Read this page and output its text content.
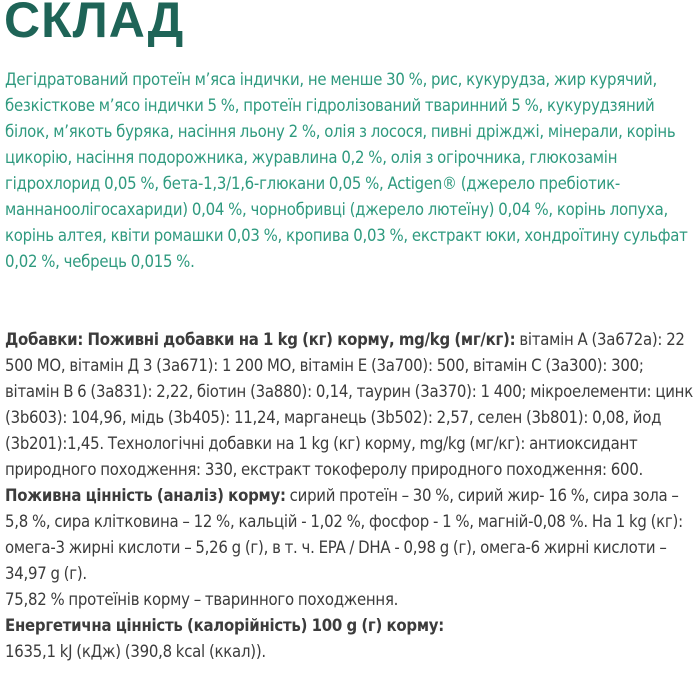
СКЛАД

Дегідратований протеїн м’яса індички, не менше 30 %, рис, кукурудза, жир курячий, безкісткове м’ясо індички 5 %, протеїн гідролізований тваринний 5 %, кукурудзяний білок, м’якоть буряка, насіння льону 2 %, олія з лосося, пивні дріжджі, мінерали, корінь цикорію, насіння подорожника, журавлина 0,2 %, олія з огірочника, глюкозамін гідрохлорид 0,05 %, бета-1,3/1,6-глюкани 0,05 %, Actigen® (джерело пребіотик- маннаноолігосахариди) 0,04 %, чорнобривці (джерело лютеїну) 0,04 %, корінь лопуха, корінь алтея, квіти ромашки 0,03 %, кропива 0,03 %, екстракт юки, хондроїтину сульфат 0,02 %, чебрець 0,015 %.

Добавки: Поживні добавки на 1 kg (кг) корму, mg/kg (мг/кг): вітамін А (3а672а): 22 500 МО, вітамін Д 3 (3а671): 1 200 МО, вітамін Е (3а700): 500, вітамін С (3а300): 300; вітамін В 6 (3а831): 2,22, біотин (3а880): 0,14, таурин (3а370): 1 400; мікроелементи: цинк (3b603): 104,96, мідь (3b405): 11,24, марганець (3b502): 2,57, селен (3b801): 0,08, йод (3b201):1,45. Технологічні добавки на 1 kg (кг) корму, mg/kg (мг/кг): антиоксидант природного походження: 330, екстракт токоферолу природного походження: 600.

Поживна цінність (аналіз) корму: сирий протеїн – 30 %, сирий жир- 16 %, сира зола – 5,8 %, сира клітковина – 12 %, кальцій - 1,02 %, фосфор - 1 %, магній-0,08 %. На 1 kg (кг): омега-3 жирні кислоти – 5,26 g (г), в т. ч. EPA / DHA - 0,98 g (г), омега-6 жирні кислоти – 34,97 g (г).

75,82 % протеїнів корму – тваринного походження.

Енергетична цінність (калорійність) 100 g (г) корму:

1635,1 kJ (кДж) (390,8 kcal (ккал)).
